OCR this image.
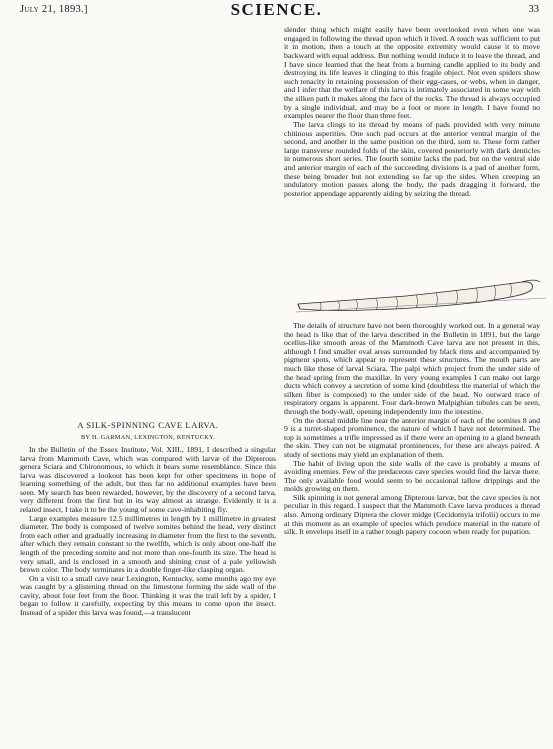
July 21, 1893.]	SCIENCE.	33

slender thing which might easily have been overlooked even when one was engaged in following the thread upon which it lived. A touch was sufficient to put it in motion, then a touch at the opposite extremity would cause it to move backward with equal address. But nothing would induce it to leave the thread, and I have since learned that the heat from a burning candle applied to its body and destroying its life leaves it clinging to this fragile object. Not even spiders show such tenacity in retaining possession of their egg-cases, or webs, when in danger, and I infer that the welfare of this larva is intimately associated in some way with the silken path it makes along the face of the rocks. The thread is always occupied by a single individual, and may be a foot or more in length. I have found no examples nearer the floor than three feet.

The larva clings to its thread by means of pads provided with very minute chitinous asperities. One such pad occurs at the anterior ventral margin of the second, and another in the same position on the third, som te. These form rather large transverse rounded folds of the skin, covered posteriorly with dark denticles in numerous short series. The fourth somite lacks the pad, but on the ventral side and anterior margin of each of the succeeding divisions is a pad of another form, these being broader but not extending so far up the sides. When creeping an undulatory motion passes along the body, the pads dragging it forward, the posterior appendage apparently aiding by seizing the thread.

The details of structure have not been thoroughly worked out. In a general way the head is like that of the larva described in the Bulletin in 1891, but the large ocellus-like smooth areas of the Mammoth Cave larva are not present in this, although I find smaller oval areas surrounded by black rims and accompanied by pigment spots, which appear to represent these structures. The mouth parts are much like those of larval Sciara. The palpi which project from the under side of the head spring from the maxillæ. In very young examples I can make out large ducts which convey a secretion of some kind (doubtless the material of which the silken fiber is composed) to the under side of the head. No outward trace of respiratory organs is apparent. Four dark-brown Malpighian tubules can be seen, through the body-wall, opening independently into the intestine.

On the dorsal middle line near the anterior margin of each of the somites 8 and 9 is a turret-shaped prominence, the nature of which I have not determined. The top is sometimes a trifle impressed as if there were an opening to a gland beneath the skin. They can not be stigmatal prominences, for these are always paired. A study of sections may yield an explanation of them.

The habit of living upon the side walls of the cave is probably a means of avoiding enemies. Few of the predaceous cave species would find the larvæ there. The only available food would seem to be occasional tallow drippings and the molds growing on them.

Silk spinning is not general among Dipterous larvæ, but the cave species is not peculiar in this regard. I suspect that the Mammoth Cave larva produces a thread also. Among ordinary Diptera the clover midge (Cecidomyia trifolii) occurs to me at this moment as an example of species which produce material in the nature of silk. It envelops itself in a rather tough papery cocoon when ready for pupation.

A SILK-SPINNING CAVE LARVA.
BY H. GARMAN, LEXINGTON, KENTUCKY.

In the Bulletin of the Essex Institute, Vol. XIII., 1891, I described a singular larva from Mammoth Cave, which was compared with larvæ of the Dipterous genera Sciara and Chironomous, to which it bears some resemblance. Since this larva was discovered a lookout has been kept for other specimens in hope of learning something of the adult, but thus far no additional examples have been seen. My search has been rewarded, however, by the discovery of a second larva, very different from the first but in its way almost as strange. Evidently it is a related insect, I take it to be the young of some cave-inhabiting fly.

Large examples measure 12.5 millimetres in length by 1 millimetre in greatest diameter. The body is composed of twelve somites behind the head, very distinct from each other and gradually increasing in diameter from the first to the seventh, after which they remain constant to the twelfth, which is only about one-half the length of the preceding somite and not more than one-fourth its size. The head is very small, and is enclosed in a smooth and shining crust of a pale yellowish brown color. The body terminates in a double finger-like clasping organ.

On a visit to a small cave near Lexington, Kentucky, some months ago my eye was caught by a glistening thread on the limestone forming the side wall of the cavity, about four feet from the floor. Thinking it was the trail left by a spider, I began to follow it carefully, expecting by this means to come upon the insect. Instead of a spider this larva was found,—a translucent
